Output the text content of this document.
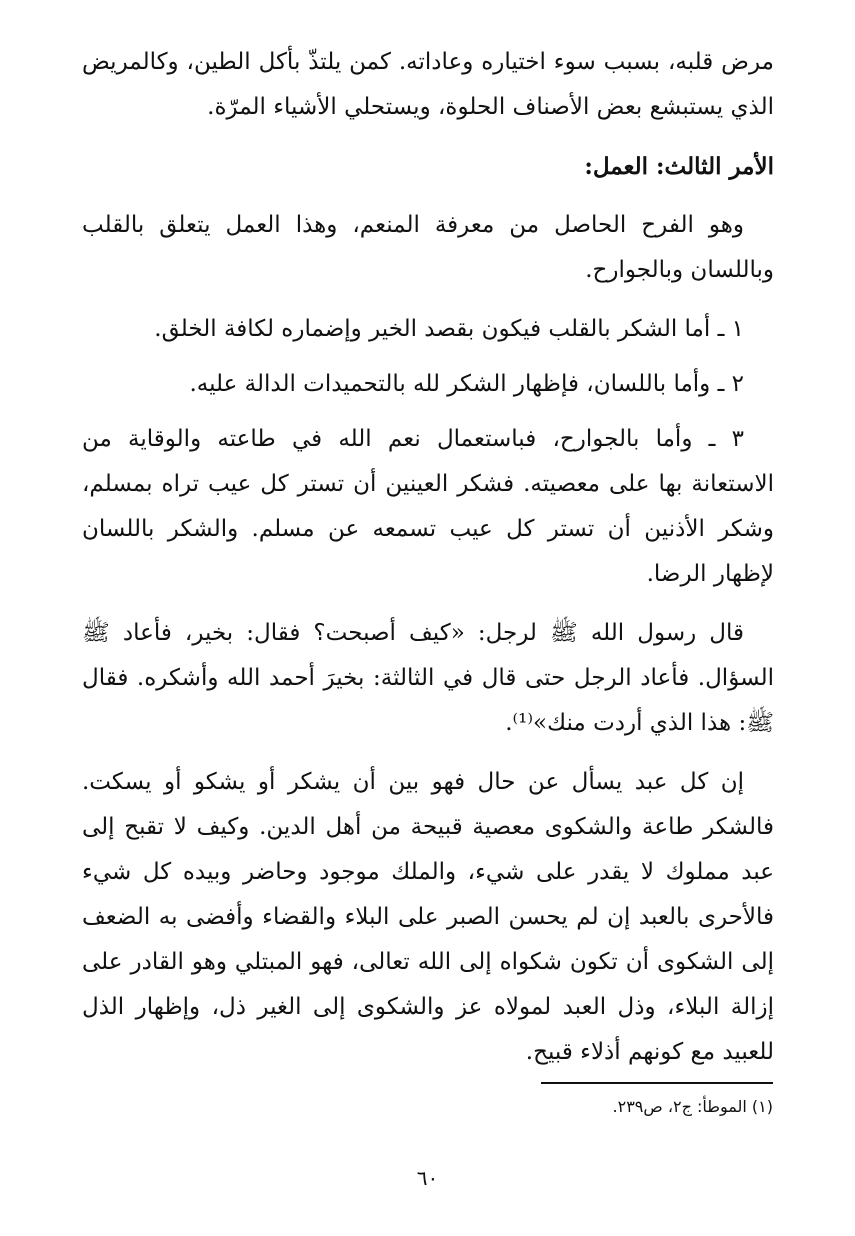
مرض قلبه، بسبب سوء اختياره وعاداته. كمن يلتذّ بأكل الطين، وكالمريض الذي يستبشع بعض الأصناف الحلوة، ويستحلي الأشياء المرّة.

الأمر الثالث: العمل:

وهو الفرح الحاصل من معرفة المنعم، وهذا العمل يتعلق بالقلب وباللسان وبالجوارح.

١ ـ أما الشكر بالقلب فيكون بقصد الخير وإضماره لكافة الخلق.

٢ ـ وأما باللسان، فإظهار الشكر لله بالتحميدات الدالة عليه.

٣ ـ وأما بالجوارح، فباستعمال نعم الله في طاعته والوقاية من الاستعانة بها على معصيته. فشكر العينين أن تستر كل عيب تراه بمسلم، وشكر الأذنين أن تستر كل عيب تسمعه عن مسلم. والشكر باللسان لإظهار الرضا.

قال رسول الله ﷺ لرجل: «كيف أصبحت؟ فقال: بخير، فأعاد ﷺ السؤال. فأعاد الرجل حتى قال في الثالثة: بخيرَ أحمد الله وأشكره. فقال ﷺ: هذا الذي أردت منك»⁽¹⁾.

إن كل عبد يسأل عن حال فهو بين أن يشكر أو يشكو أو يسكت. فالشكر طاعة والشكوى معصية قبيحة من أهل الدين. وكيف لا تقبح إلى عبد مملوك لا يقدر على شيء، والملك موجود وحاضر وبيده كل شيء فالأحرى بالعبد إن لم يحسن الصبر على البلاء والقضاء وأفضى به الضعف إلى الشكوى أن تكون شكواه إلى الله تعالى، فهو المبتلي وهو القادر على إزالة البلاء، وذل العبد لمولاه عز والشكوى إلى الغير ذل، وإظهار الذل للعبيد مع كونهم أذلاء قبيح.

(١) الموطأ: ج٢، ص٢٣٩.
٦٠
